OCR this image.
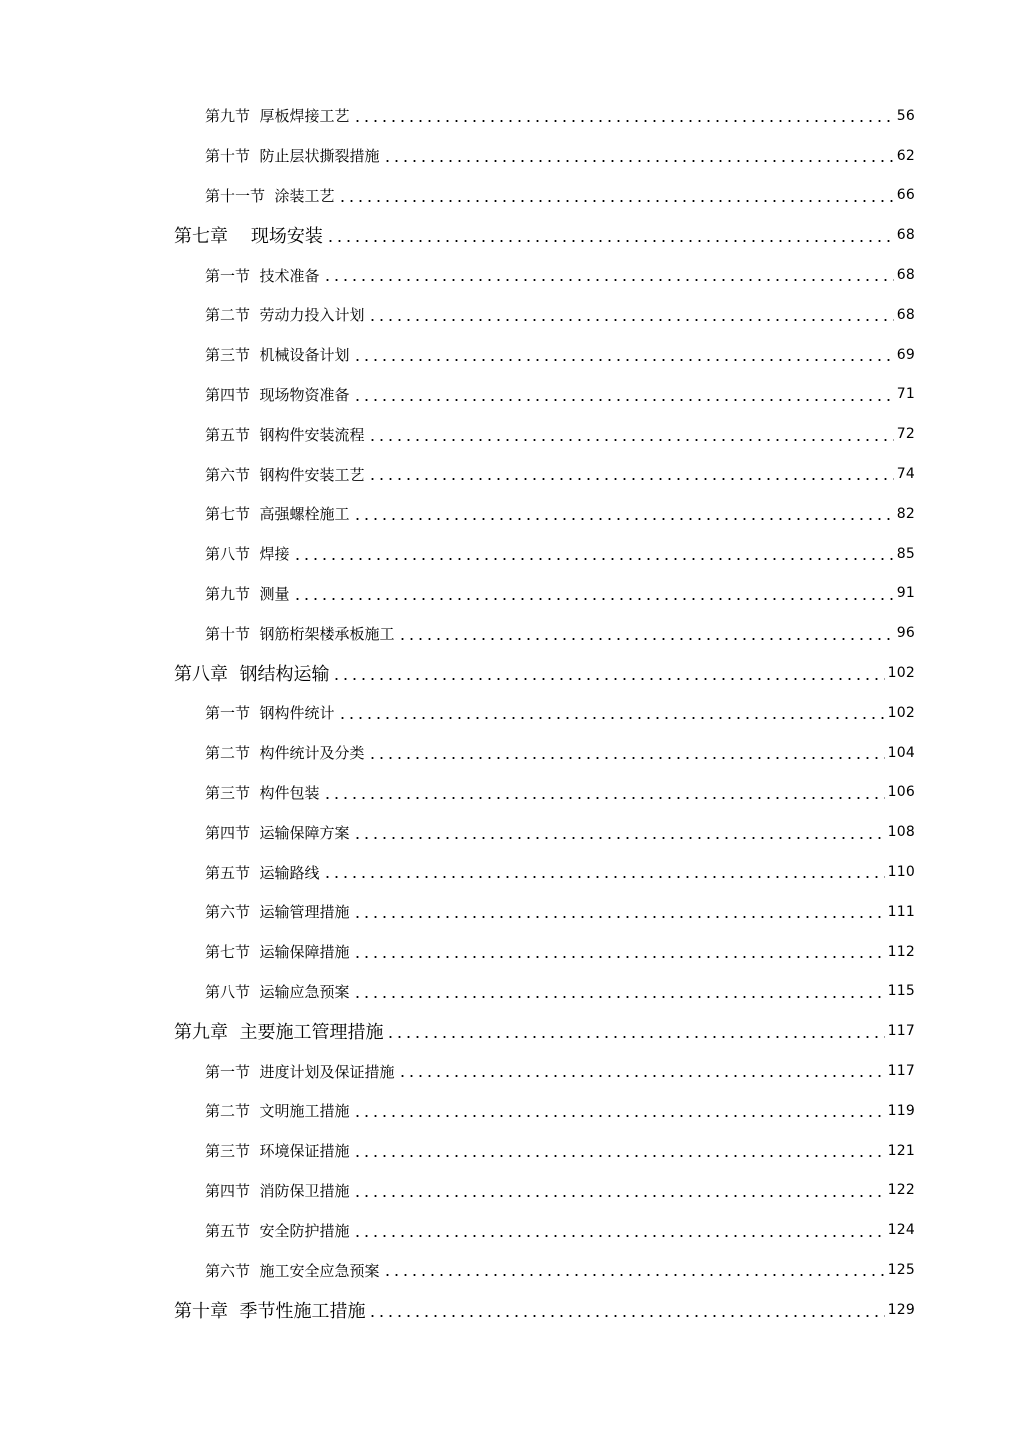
第九节  厚板焊接工艺	56
第十节  防止层状撕裂措施	62
第十一节  涂装工艺	66
第七章    现场安装	68
第一节  技术准备	68
第二节  劳动力投入计划	68
第三节  机械设备计划	69
第四节  现场物资准备	71
第五节  钢构件安装流程	72
第六节  钢构件安装工艺	74
第七节  高强螺栓施工	82
第八节  焊接	85
第九节  测量	91
第十节  钢筋桁架楼承板施工	96
第八章  钢结构运输	102
第一节  钢构件统计	102
第二节  构件统计及分类	104
第三节  构件包装	106
第四节  运输保障方案	108
第五节  运输路线	110
第六节  运输管理措施	111
第七节  运输保障措施	112
第八节  运输应急预案	115
第九章  主要施工管理措施	117
第一节  进度计划及保证措施	117
第二节  文明施工措施	119
第三节  环境保证措施	121
第四节  消防保卫措施	122
第五节  安全防护措施	124
第六节  施工安全应急预案	125
第十章  季节性施工措施	129
